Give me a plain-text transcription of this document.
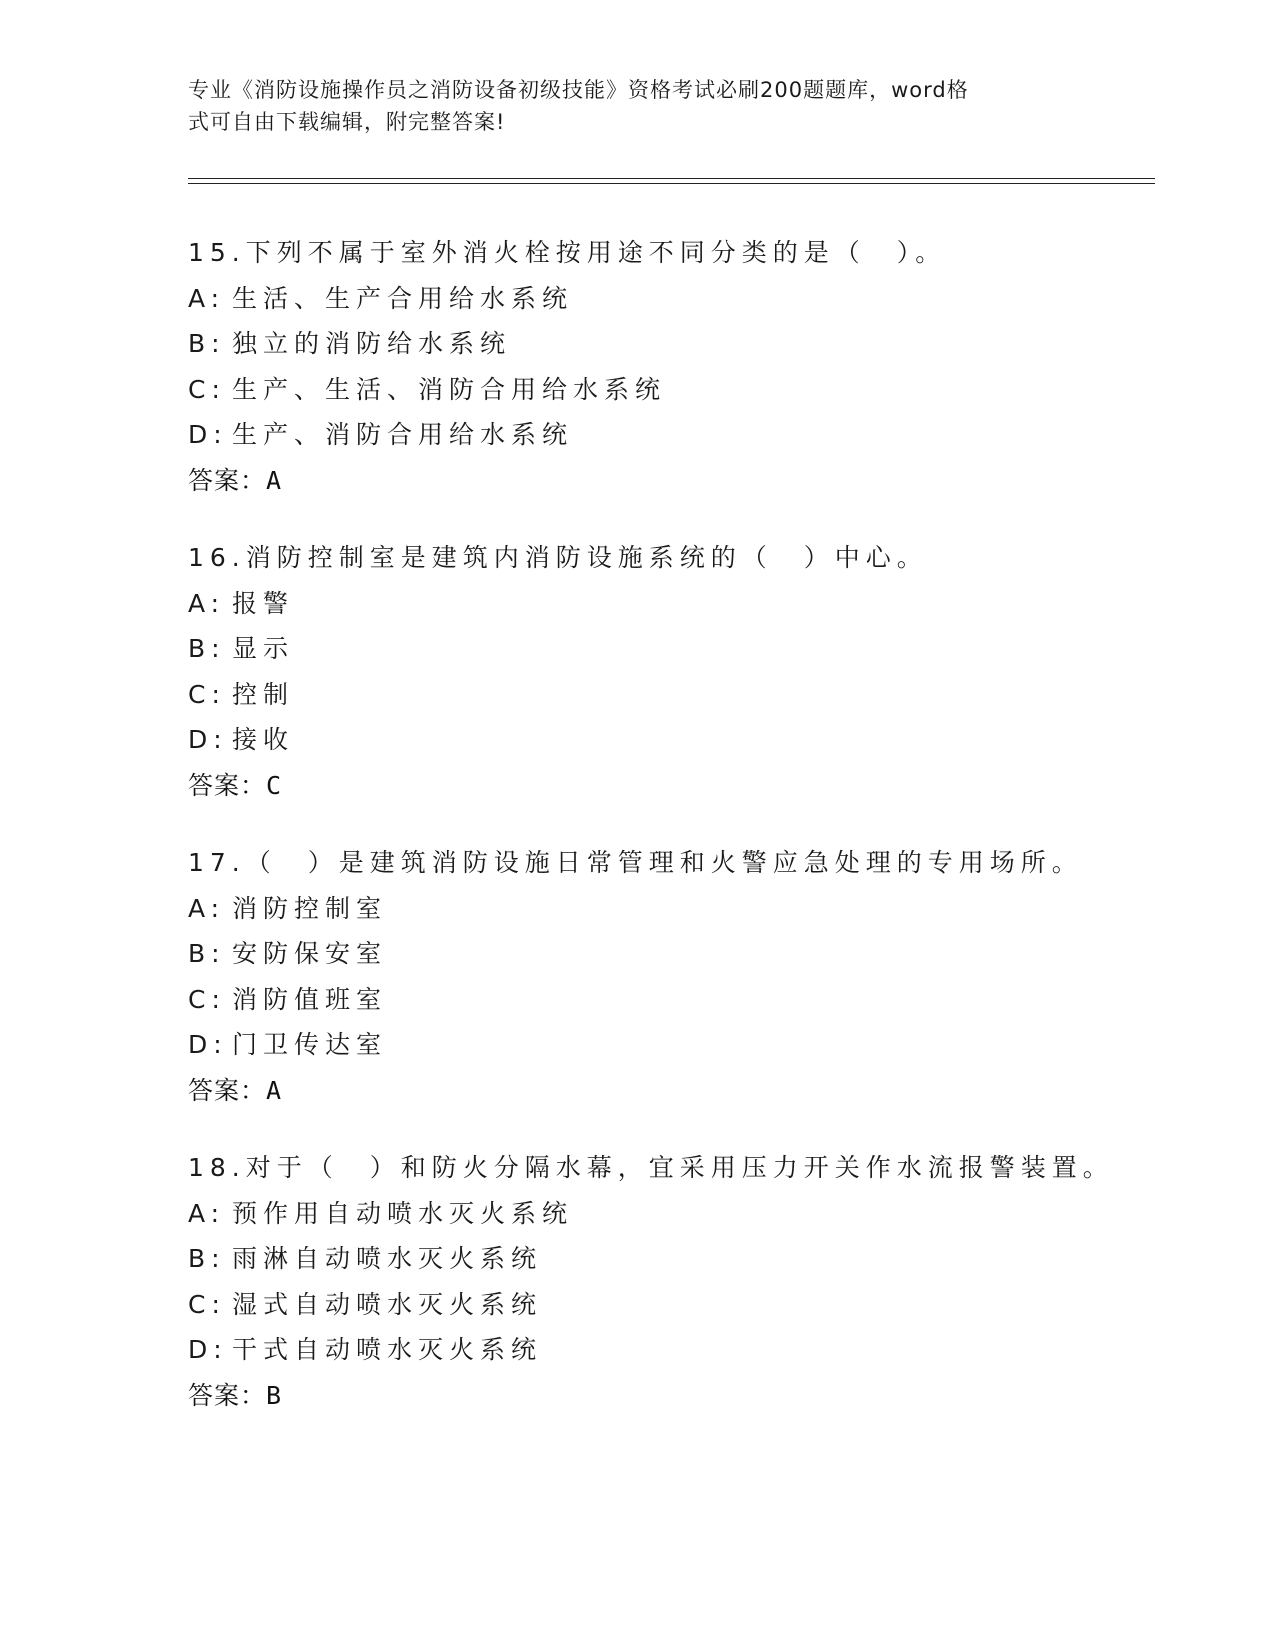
专业《消防设施操作员之消防设备初级技能》资格考试必刷200题题库，word格
式可自由下载编辑，附完整答案!
15.下列不属于室外消火栓按用途不同分类的是（　）。
A: 生活、生产合用给水系统
B: 独立的消防给水系统
C: 生产、生活、消防合用给水系统
D: 生产、消防合用给水系统
答案：A
16.消防控制室是建筑内消防设施系统的（　）中心。
A: 报警
B: 显示
C: 控制
D: 接收
答案：C
17.（　）是建筑消防设施日常管理和火警应急处理的专用场所。
A: 消防控制室
B: 安防保安室
C: 消防值班室
D: 门卫传达室
答案：A
18.对于（　）和防火分隔水幕，宜采用压力开关作水流报警装置。
A: 预作用自动喷水灭火系统
B: 雨淋自动喷水灭火系统
C: 湿式自动喷水灭火系统
D: 干式自动喷水灭火系统
答案：B
